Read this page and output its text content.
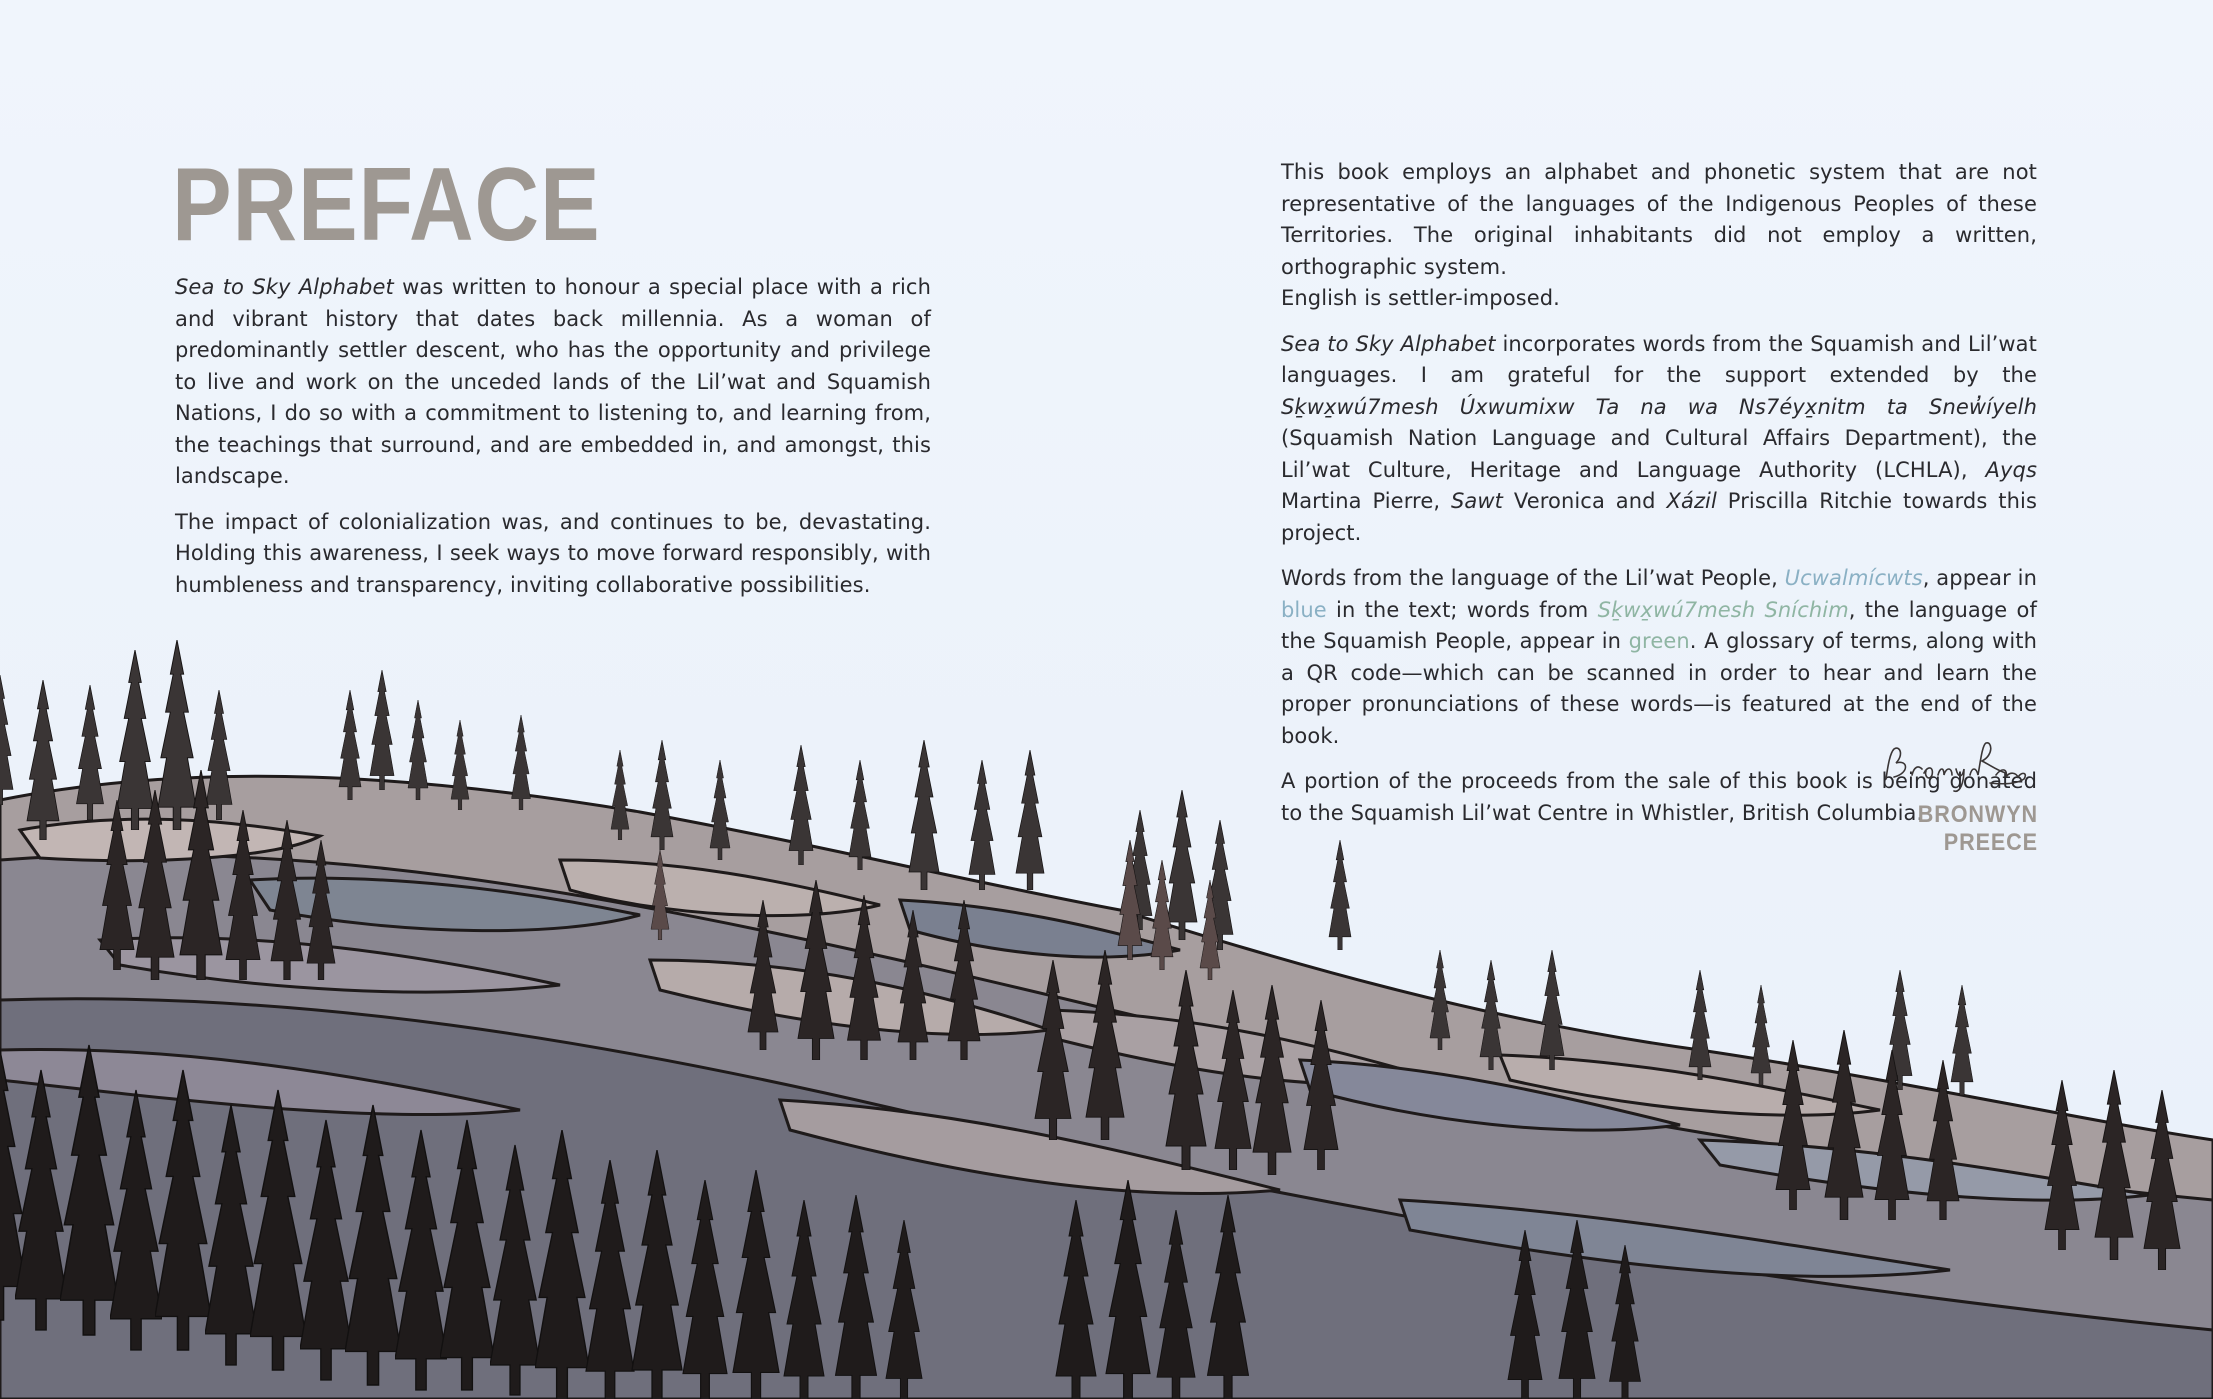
PREFACE

Sea to Sky Alphabet was written to honour a special place with a rich and vibrant history that dates back millennia. As a woman of predominantly settler descent, who has the opportunity and privilege to live and work on the unceded lands of the Lil’wat and Squamish Nations, I do so with a commitment to listening to, and learning from, the teachings that surround, and are embedded in, and amongst, this landscape.

The impact of colonialization was, and continues to be, devastating. Holding this awareness, I seek ways to move forward responsibly, with humbleness and transparency, inviting collaborative possibilities.

This book employs an alphabet and phonetic system that are not representative of the languages of the Indigenous Peoples of these Territories. The original inhabitants did not employ a written, orthographic system.
English is settler-imposed.

Sea to Sky Alphabet incorporates words from the Squamish and Lil’wat languages. I am grateful for the support extended by the Sḵwx̱wú7mesh Úxwumixw Ta na wa Ns7éyx̱nitm ta Snew̓íyelh (Squamish Nation Language and Cultural Affairs Department), the Lil’wat Culture, Heritage and Language Authority (LCHLA), Ayqs Martina Pierre, Sawt Veronica and Xázil Priscilla Ritchie towards this project.

Words from the language of the Lil’wat People, Ucwalmícwts, appear in blue in the text; words from Sḵwx̱wú7mesh Sníchim, the language of the Squamish People, appear in green. A glossary of terms, along with a QR code—which can be scanned in order to hear and learn the proper pronunciations of these words—is featured at the end of the book.

A portion of the proceeds from the sale of this book is being donated to the Squamish Lil’wat Centre in Whistler, British Columbia.

BRONWYN PREECE
